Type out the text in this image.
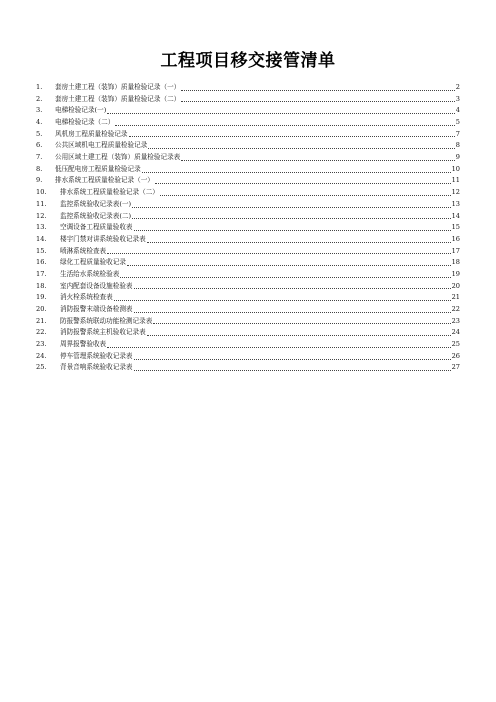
工程项目移交接管清单
1.	套房土建工程（装饰）质量检验记录（一）	2
2.	套房土建工程（装饰）质量检验记录（二）	3
3.	电梯检验记录(一)	4
4.	电梯检验记录（二）	5
5.	风机房工程质量检验记录	7
6.	公共区域机电工程质量检验记录	8
7.	公用区域土建工程（装饰）质量检验记录表	9
8.	低压配电房工程质量检验记录	10
9.	排水系统工程质量检验记录（一）	11
10.	排水系统工程质量检验记录（二）	12
11.	监控系统验收记录表(一)	13
12.	监控系统验收记录表(二)	14
13.	空调设备工程质量验收表	15
14.	楼宇门禁对讲系统验收记录表	16
15.	喷淋系统检查表	17
16.	绿化工程质量验收记录	18
17.	生活给水系统检验表	19
18.	室内配套设备设施检验表	20
19.	消火栓系统检查表	21
20.	消防报警末端设备检测表	22
21.	防报警系统联动功能检测记录表	23
22.	消防报警系统主机验收记录表	24
23.	周界报警验收表	25
24.	停车管理系统验收记录表	26
25.	背景音响系统验收记录表	27
